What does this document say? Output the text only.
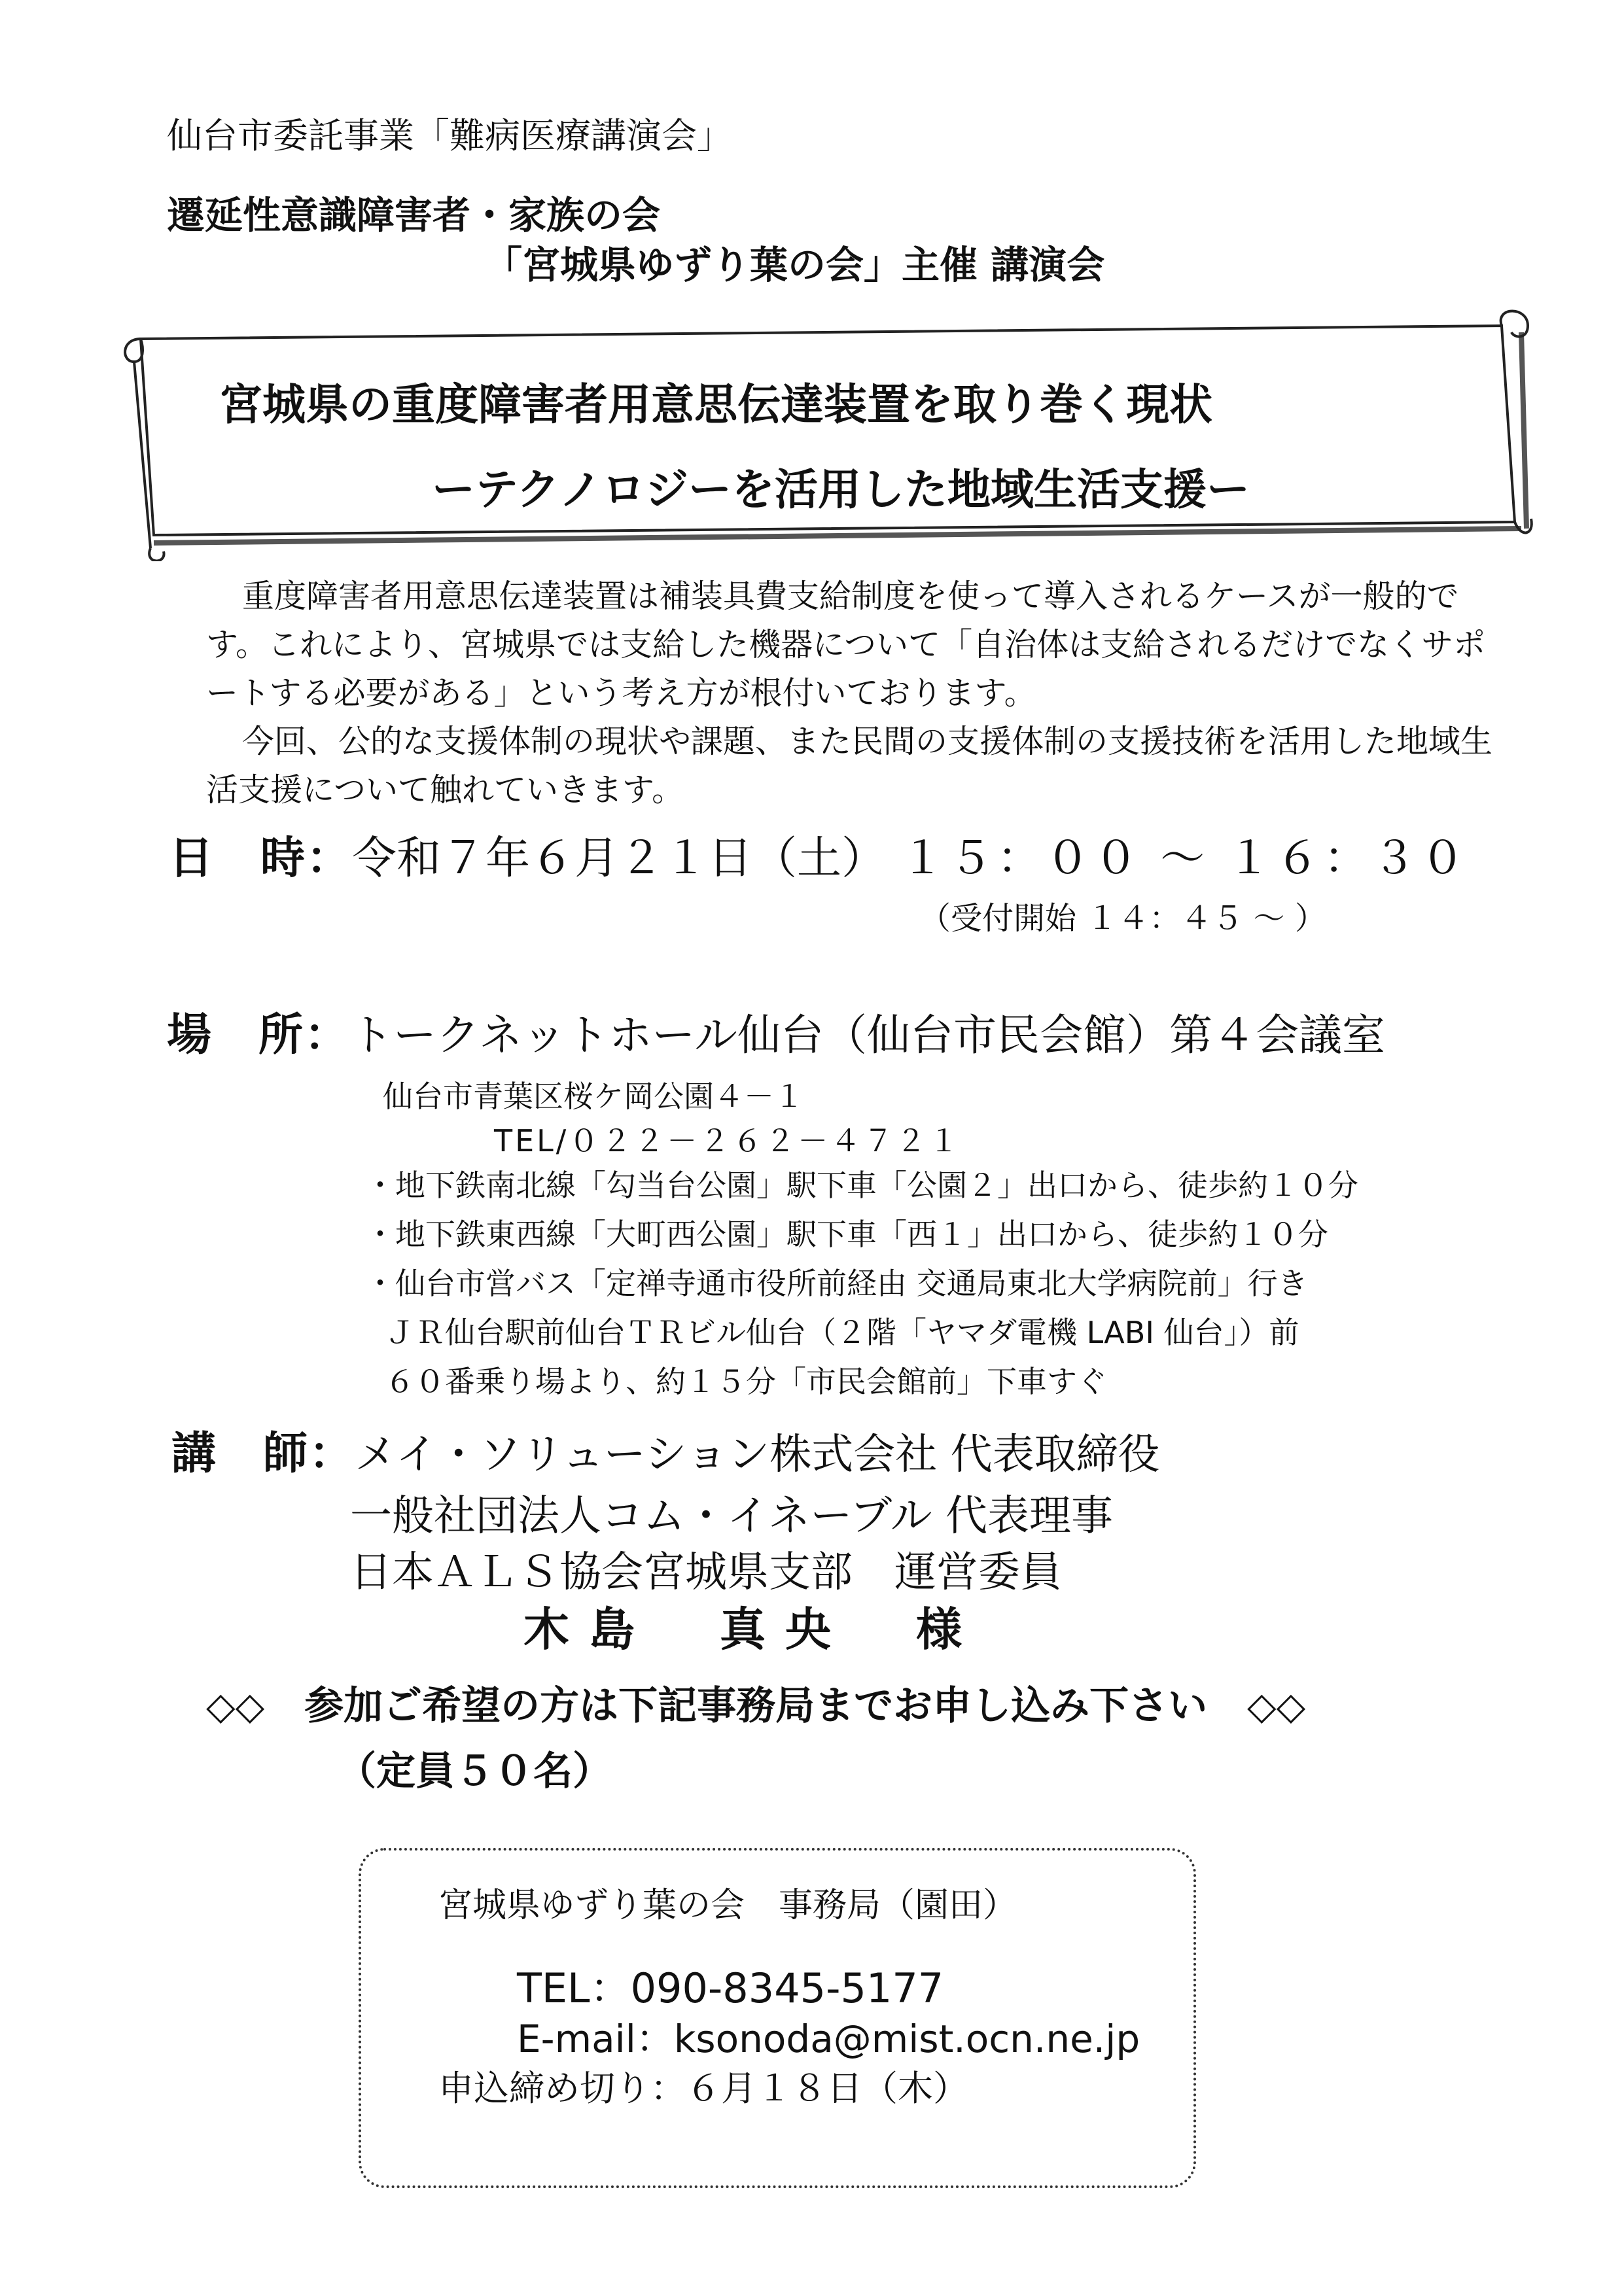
仙台市委託事業「難病医療講演会」
遷延性意識障害者・家族の会
「宮城県ゆずり葉の会」主催 講演会
宮城県の重度障害者用意思伝達装置を取り巻く現状
ーテクノロジーを活用した地域生活支援ー

重度障害者用意思伝達装置は補装具費支給制度を使って導入されるケースが一般的です。これにより、宮城県では支給した機器について「自治体は支給されるだけでなくサポートする必要がある」という考え方が根付いております。

今回、公的な支援体制の現状や課題、また民間の支援体制の支援技術を活用した地域生活支援について触れていきます。

日　時：令和７年６月２１日（土） １５：００ ～ １６：３０
（受付開始 １４：４５ ～ ）
場　所：トークネットホール仙台（仙台市民会館）第４会議室
仙台市青葉区桜ケ岡公園４－１
TEL/０２２－２６２－４７２１
・地下鉄南北線「勾当台公園」駅下車「公園２」出口から、徒歩約１０分
・地下鉄東西線「大町西公園」駅下車「西１」出口から、徒歩約１０分
・仙台市営バス「定禅寺通市役所前経由 交通局東北大学病院前」行き
ＪＲ仙台駅前仙台ＴＲビル仙台（２階「ヤマダ電機 LABI 仙台」）前
６０番乗り場より、約１５分「市民会館前」下車すぐ
講　師：メイ・ソリューション株式会社 代表取締役
一般社団法人コム・イネーブル 代表理事
日本ＡＬＳ協会宮城県支部　運営委員
木島　真央　様
◇◇ 参加ご希望の方は下記事務局までお申し込み下さい ◇◇
（定員５０名）
宮城県ゆずり葉の会　事務局（園田）
TEL：090-8345-5177
E-mail：ksonoda@mist.ocn.ne.jp
申込締め切り：６月１８日（木）
